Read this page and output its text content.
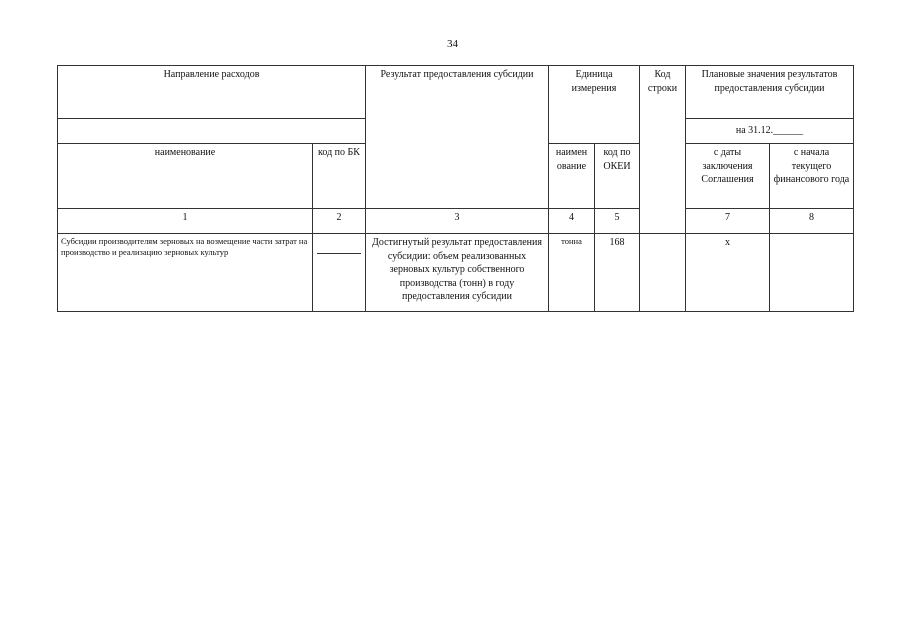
34
Направление расходов		Результат предоставления субсидии	Единица измерения		Код строки	Плановые значения результатов предоставления субсидии	
						на 31.12.______	
наименование	код по БК		наимен ование	код по ОКЕИ		с даты заключения Соглашения	с начала текущего финансового года
1	2	3	4	5		7	8
Субсидии производителям зерновых на возмещение части затрат на производство и реализацию зерновых культур		Достигнутый результат предоставления субсидии: объем реализованных зерновых культур собственного производства (тонн) в году предоставления субсидии	тонна	168		х	
